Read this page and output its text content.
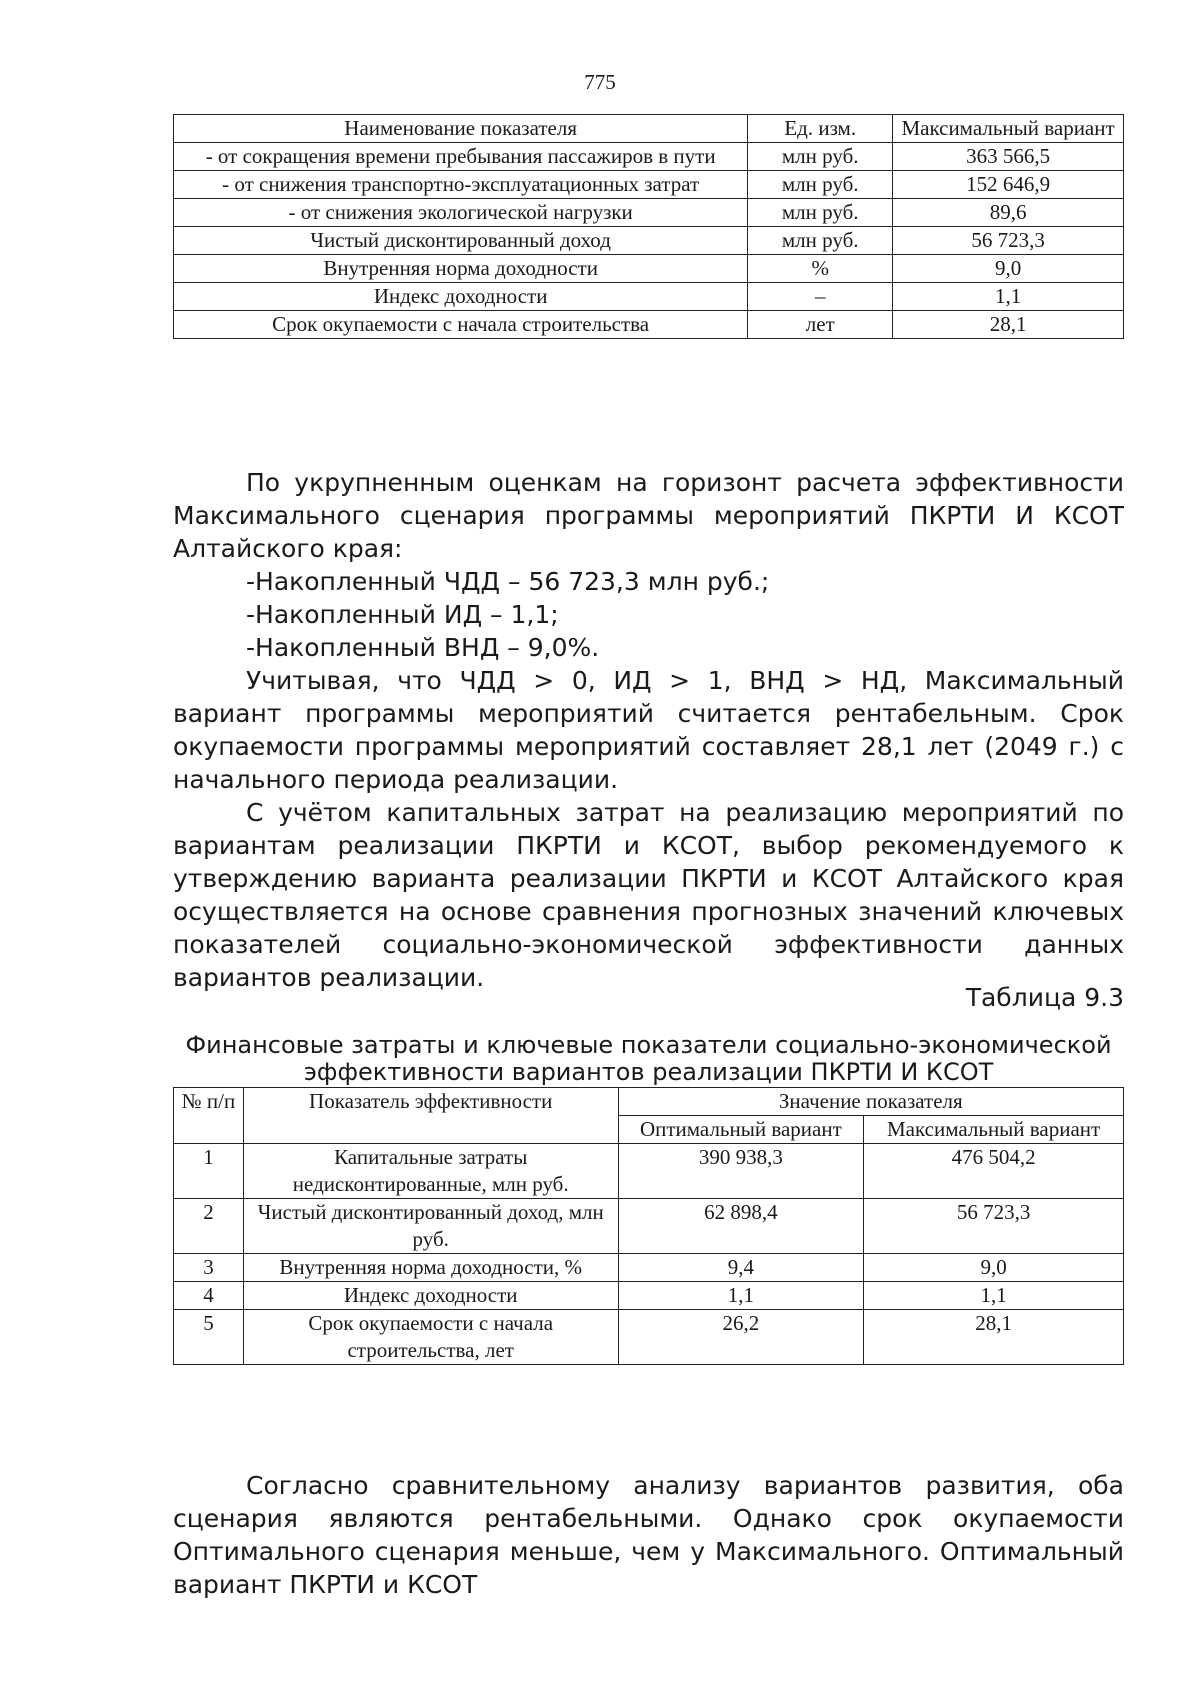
775
Наименование показателя	Ед. изм.	Максимальный вариант
- от сокращения времени пребывания пассажиров в пути	млн руб.	363 566,5
- от снижения транспортно-эксплуатационных затрат	млн руб.	152 646,9
- от снижения экологической нагрузки	млн руб.	89,6
Чистый дисконтированный доход	млн руб.	56 723,3
Внутренняя норма доходности	%	9,0
Индекс доходности	–	1,1
Срок окупаемости с начала строительства	лет	28,1

По укрупненным оценкам на горизонт расчета эффективности Максимального сценария программы мероприятий ПКРТИ И КСОТ Алтайского края:

-Накопленный ЧДД – 56 723,3 млн руб.;

-Накопленный ИД – 1,1;

-Накопленный ВНД – 9,0%.

Учитывая, что ЧДД > 0, ИД > 1, ВНД > НД, Максимальный вариант программы мероприятий считается рентабельным. Срок окупаемости программы мероприятий составляет 28,1 лет (2049 г.) с начального периода реализации.

С учётом капитальных затрат на реализацию мероприятий по вариантам реализации ПКРТИ и КСОТ, выбор рекомендуемого к утверждению варианта реализации ПКРТИ и КСОТ Алтайского края осуществляется на основе сравнения прогнозных значений ключевых показателей социально-экономической эффективности данных вариантов реализации.

Таблица 9.3
Финансовые затраты и ключевые показатели социально-экономической эффективности вариантов реализации ПКРТИ И КСОТ
№ п/п	Показатель эффективности	Значение показателя	
		Оптимальный вариант	Максимальный вариант
1	Капитальные затраты недисконтированные, млн руб.	390 938,3	476 504,2
2	Чистый дисконтированный доход, млн руб.	62 898,4	56 723,3
3	Внутренняя норма доходности, %	9,4	9,0
4	Индекс доходности	1,1	1,1
5	Срок окупаемости с начала строительства, лет	26,2	28,1

Согласно сравнительному анализу вариантов развития, оба сценария являются рентабельными. Однако срок окупаемости Оптимального сценария меньше, чем у Максимального. Оптимальный вариант ПКРТИ и КСОТ
